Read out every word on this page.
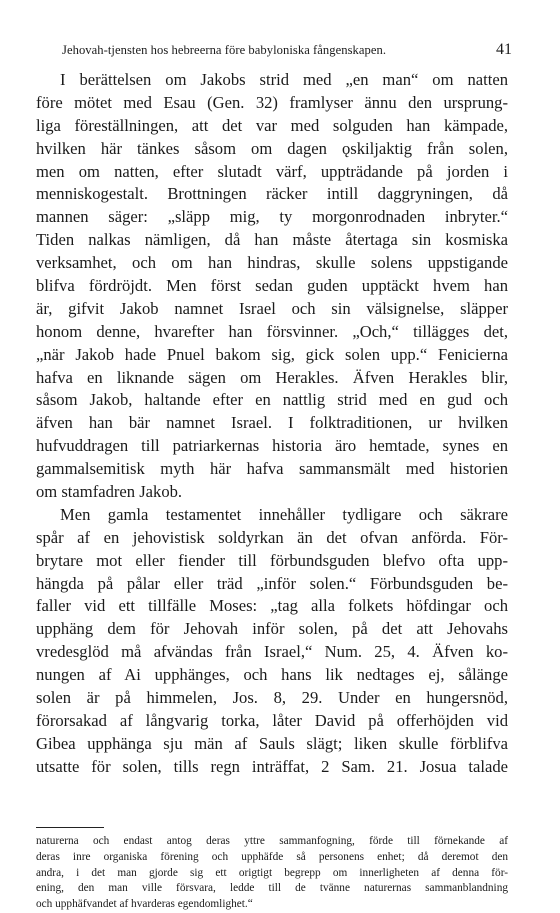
Jehovah-tjensten hos hebreerna före babyloniska fångenskapen.	41
I berättelsen om Jakobs strid med „en man“ om natten
före mötet med Esau (Gen. 32) framlyser ännu den ursprung-
liga föreställningen, att det var med solguden han kämpade,
hvilken här tänkes såsom om dagen ǫskiljaktig från solen,
men om natten, efter slutadt värf, uppträdande på jorden i
menniskogestalt. Brottningen räcker intill daggryningen, då
mannen säger: „släpp mig, ty morgonrodnaden inbryter.“
Tiden nalkas nämligen, då han måste återtaga sin kosmiska
verksamhet, och om han hindras, skulle solens uppstigande
blifva fördröjdt. Men först sedan guden upptäckt hvem han
är, gifvit Jakob namnet Israel och sin välsignelse, släpper
honom denne, hvarefter han försvinner. „Och,“ tillägges det,
„när Jakob hade Pnuel bakom sig, gick solen upp.“ Fenicierna
hafva en liknande sägen om Herakles. Äfven Herakles blir,
såsom Jakob, haltande efter en nattlig strid med en gud och
äfven han bär namnet Israel. I folktraditionen, ur hvilken
hufvuddragen till patriarkernas historia äro hemtade, synes en
gammalsemitisk myth här hafva sammansmält med historien
om stamfadren Jakob.
Men gamla testamentet innehåller tydligare och säkrare
spår af en jehovistisk soldyrkan än det ofvan anförda. För-
brytare mot eller fiender till förbundsguden blefvo ofta upp-
hängda på pålar eller träd „inför solen.“ Förbundsguden be-
faller vid ett tillfälle Moses: „tag alla folkets höfdingar och
upphäng dem för Jehovah inför solen, på det att Jehovahs
vredesglöd må afvändas från Israel,“ Num. 25, 4. Äfven ko-
nungen af Ai upphänges, och hans lik nedtages ej, sålänge
solen är på himmelen, Jos. 8, 29. Under en hungersnöd,
förorsakad af långvarig torka, låter David på offerhöjden vid
Gibea upphänga sju män af Sauls slägt; liken skulle förblifva
utsatte för solen, tills regn inträffat, 2 Sam. 21. Josua talade
naturerna och endast antog deras yttre sammanfogning, förde till förnekande af
deras inre organiska förening och upphäfde så personens enhet; då deremot den
andra, i det man gjorde sig ett origtigt begrepp om innerligheten af denna för-
ening, den man ville försvara, ledde till de tvänne naturernas sammanblandning
och upphäfvandet af hvarderas egendomlighet.“
